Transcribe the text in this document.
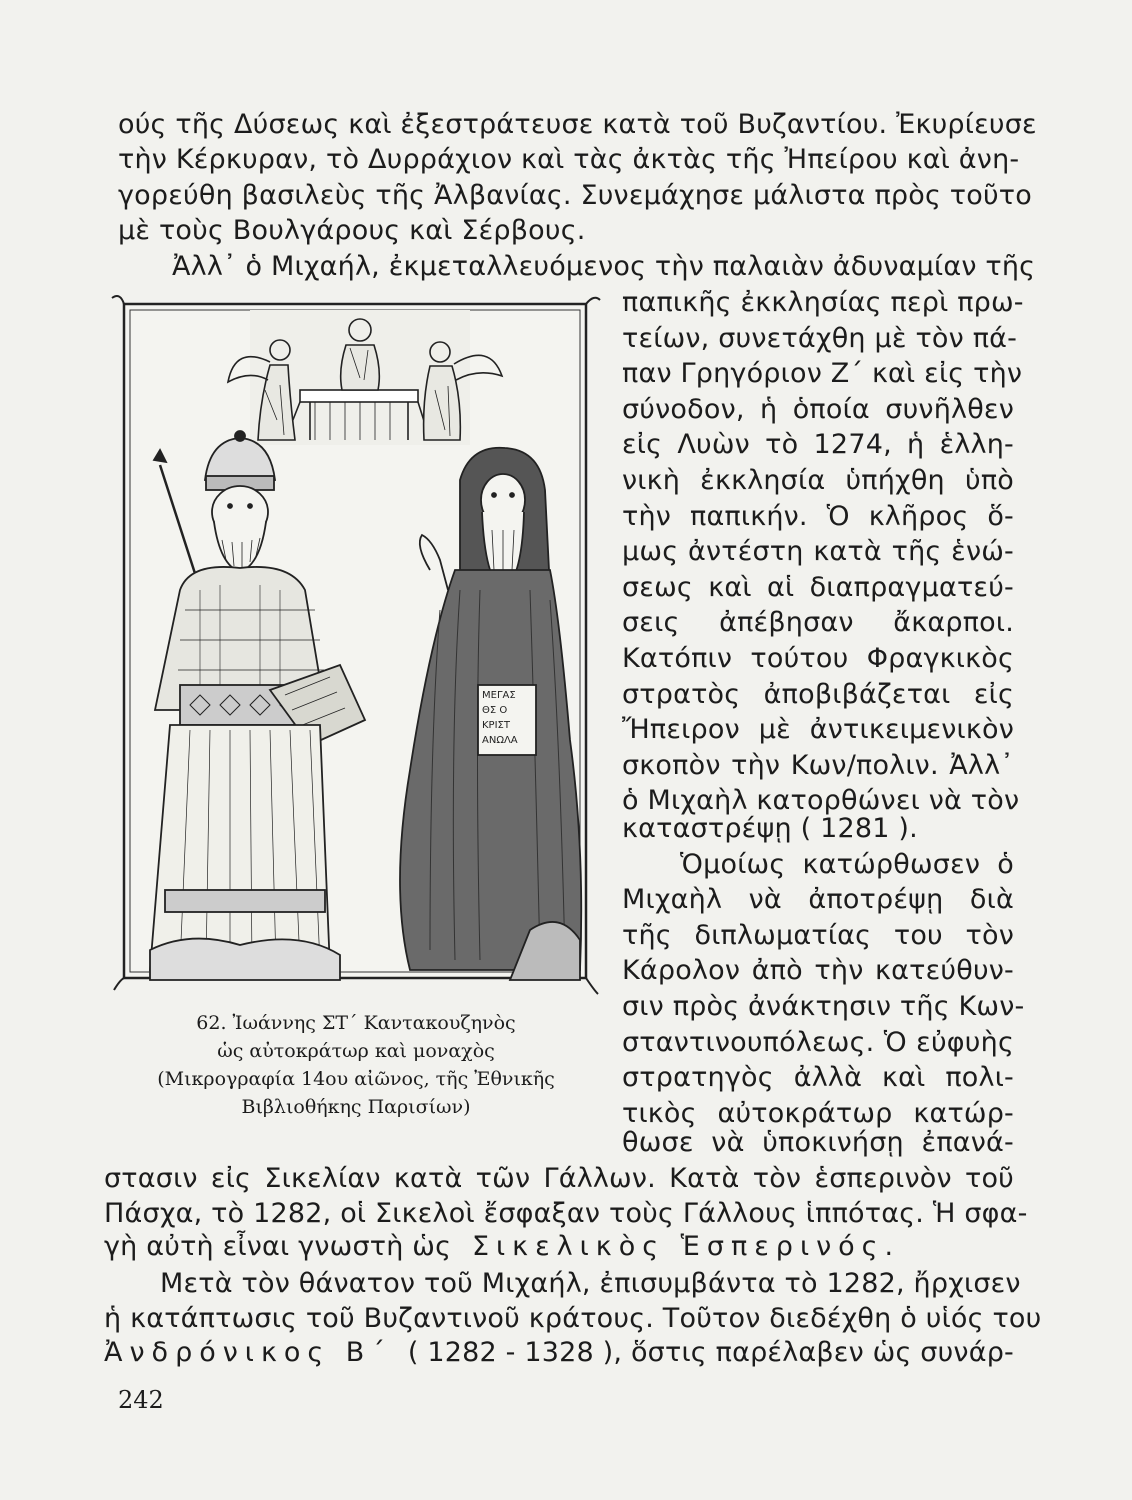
ούς τῆς Δύσεως καὶ ἐξεστράτευσε κατὰ τοῦ Βυζαντίου. Ἐκυρίευσε
τὴν Κέρκυραν, τὸ Δυρράχιον καὶ τὰς ἀκτὰς τῆς Ἠπείρου καὶ ἀνη-
γορεύθη βασιλεὺς τῆς Ἀλβανίας. Συνεμάχησε μάλιστα πρὸς τοῦτο
μὲ τοὺς Βουλγάρους καὶ Σέρβους.
Ἀλλ᾽ ὁ Μιχαήλ, ἐκμεταλλευόμενος τὴν παλαιὰν ἀδυναμίαν τῆς
παπικῆς ἐκκλησίας περὶ πρω-
τείων, συνετάχθη μὲ τὸν πά-
παν Γρηγόριον Ζ΄ καὶ εἰς τὴν
σύνοδον, ἡ ὁποία συνῆλθεν
εἰς Λυὼν τὸ 1274, ἡ ἑλλη-
νικὴ ἐκκλησία ὑπήχθη ὑπὸ
τὴν παπικήν. Ὁ κλῆρος ὅ-
μως ἀντέστη κατὰ τῆς ἑνώ-
σεως καὶ αἱ διαπραγματεύ-
σεις ἀπέβησαν ἄκαρποι.
Κατόπιν τούτου Φραγκικὸς
στρατὸς ἀποβιβάζεται εἰς
Ἤπειρον μὲ ἀντικειμενικὸν
σκοπὸν τὴν Κων/πολιν. Ἀλλ᾽
ὁ Μιχαὴλ κατορθώνει νὰ τὸν
καταστρέψῃ ( 1281 ).
Ὁμοίως κατώρθωσεν ὁ
Μιχαὴλ νὰ ἀποτρέψῃ διὰ
τῆς διπλωματίας του τὸν
Κάρολον ἀπὸ τὴν κατεύθυν-
σιν πρὸς ἀνάκτησιν τῆς Κων-
σταντινουπόλεως. Ὁ εὐφυὴς
στρατηγὸς ἀλλὰ καὶ πολι-
τικὸς αὐτοκράτωρ κατώρ-
θωσε νὰ ὑποκινήσῃ ἐπανά-
στασιν εἰς Σικελίαν κατὰ τῶν Γάλλων. Κατὰ τὸν ἑσπερινὸν τοῦ
Πάσχα, τὸ 1282, οἱ Σικελοὶ ἔσφαξαν τοὺς Γάλλους ἱππότας. Ἡ σφα-
γὴ αὐτὴ εἶναι γνωστὴ ὡς Σικελικὸς Ἑσπερινός.
Μετὰ τὸν θάνατον τοῦ Μιχαήλ, ἐπισυμβάντα τὸ 1282, ἤρχισεν
ἡ κατάπτωσις τοῦ Βυζαντινοῦ κράτους. Τοῦτον διεδέχθη ὁ υἱός του
Ἀνδρόνικος Β΄ ( 1282 - 1328 ), ὅστις παρέλαβεν ὡς συνάρ-
ΜΕΓΑΣ
ΘΣ Ο
ΚΡΙΣΤ
ΑΝΩΛΑ
62. Ἰωάννης ΣΤ΄ Καντακουζηνὸς
ὡς αὐτοκράτωρ καὶ μοναχὸς
(Μικρογραφία 14ου αἰῶνος, τῆς Ἐθνικῆς
Βιβλιοθήκης Παρισίων)
242
